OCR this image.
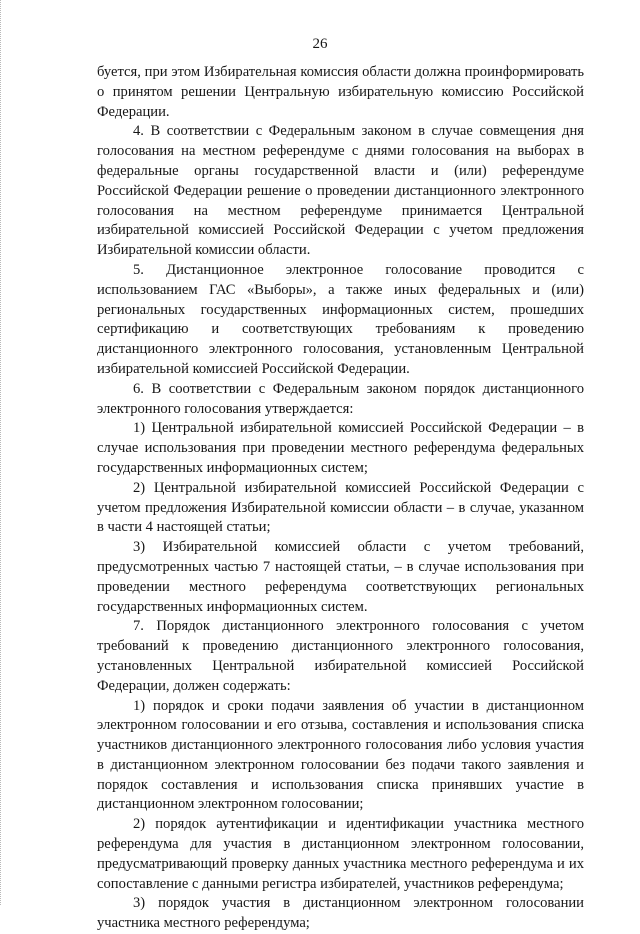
26

буется, при этом Избирательная комиссия области должна проинформировать о принятом решении Центральную избирательную комиссию Российской Федерации.

4. В соответствии с Федеральным законом в случае совмещения дня голосования на местном референдуме с днями голосования на выборах в федеральные органы государственной власти и (или) референдуме Российской Федерации решение о проведении дистанционного электронного голосования на местном референдуме принимается Центральной избирательной комиссией Российской Федерации с учетом предложения Избирательной комиссии области.

5. Дистанционное электронное голосование проводится с использованием ГАС «Выборы», а также иных федеральных и (или) региональных государственных информационных систем, прошедших сертификацию и соответствующих требованиям к проведению дистанционного электронного голосования, установленным Центральной избирательной комиссией Российской Федерации.

6. В соответствии с Федеральным законом порядок дистанционного электронного голосования утверждается:

1) Центральной избирательной комиссией Российской Федерации – в случае использования при проведении местного референдума федеральных государственных информационных систем;

2) Центральной избирательной комиссией Российской Федерации с учетом предложения Избирательной комиссии области – в случае, указанном в части 4 настоящей статьи;

3) Избирательной комиссией области с учетом требований, предусмотренных частью 7 настоящей статьи, – в случае использования при проведении местного референдума соответствующих региональных государственных информационных систем.

7. Порядок дистанционного электронного голосования с учетом требований к проведению дистанционного электронного голосования, установленных Центральной избирательной комиссией Российской Федерации, должен содержать:

1) порядок и сроки подачи заявления об участии в дистанционном электронном голосовании и его отзыва, составления и использования списка участников дистанционного электронного голосования либо условия участия в дистанционном электронном голосовании без подачи такого заявления и порядок составления и использования списка принявших участие в дистанционном электронном голосовании;

2) порядок аутентификации и идентификации участника местного референдума для участия в дистанционном электронном голосовании, предусматривающий проверку данных участника местного референдума и их сопоставление с данными регистра избирателей, участников референдума;

3) порядок участия в дистанционном электронном голосовании участника местного референдума;
